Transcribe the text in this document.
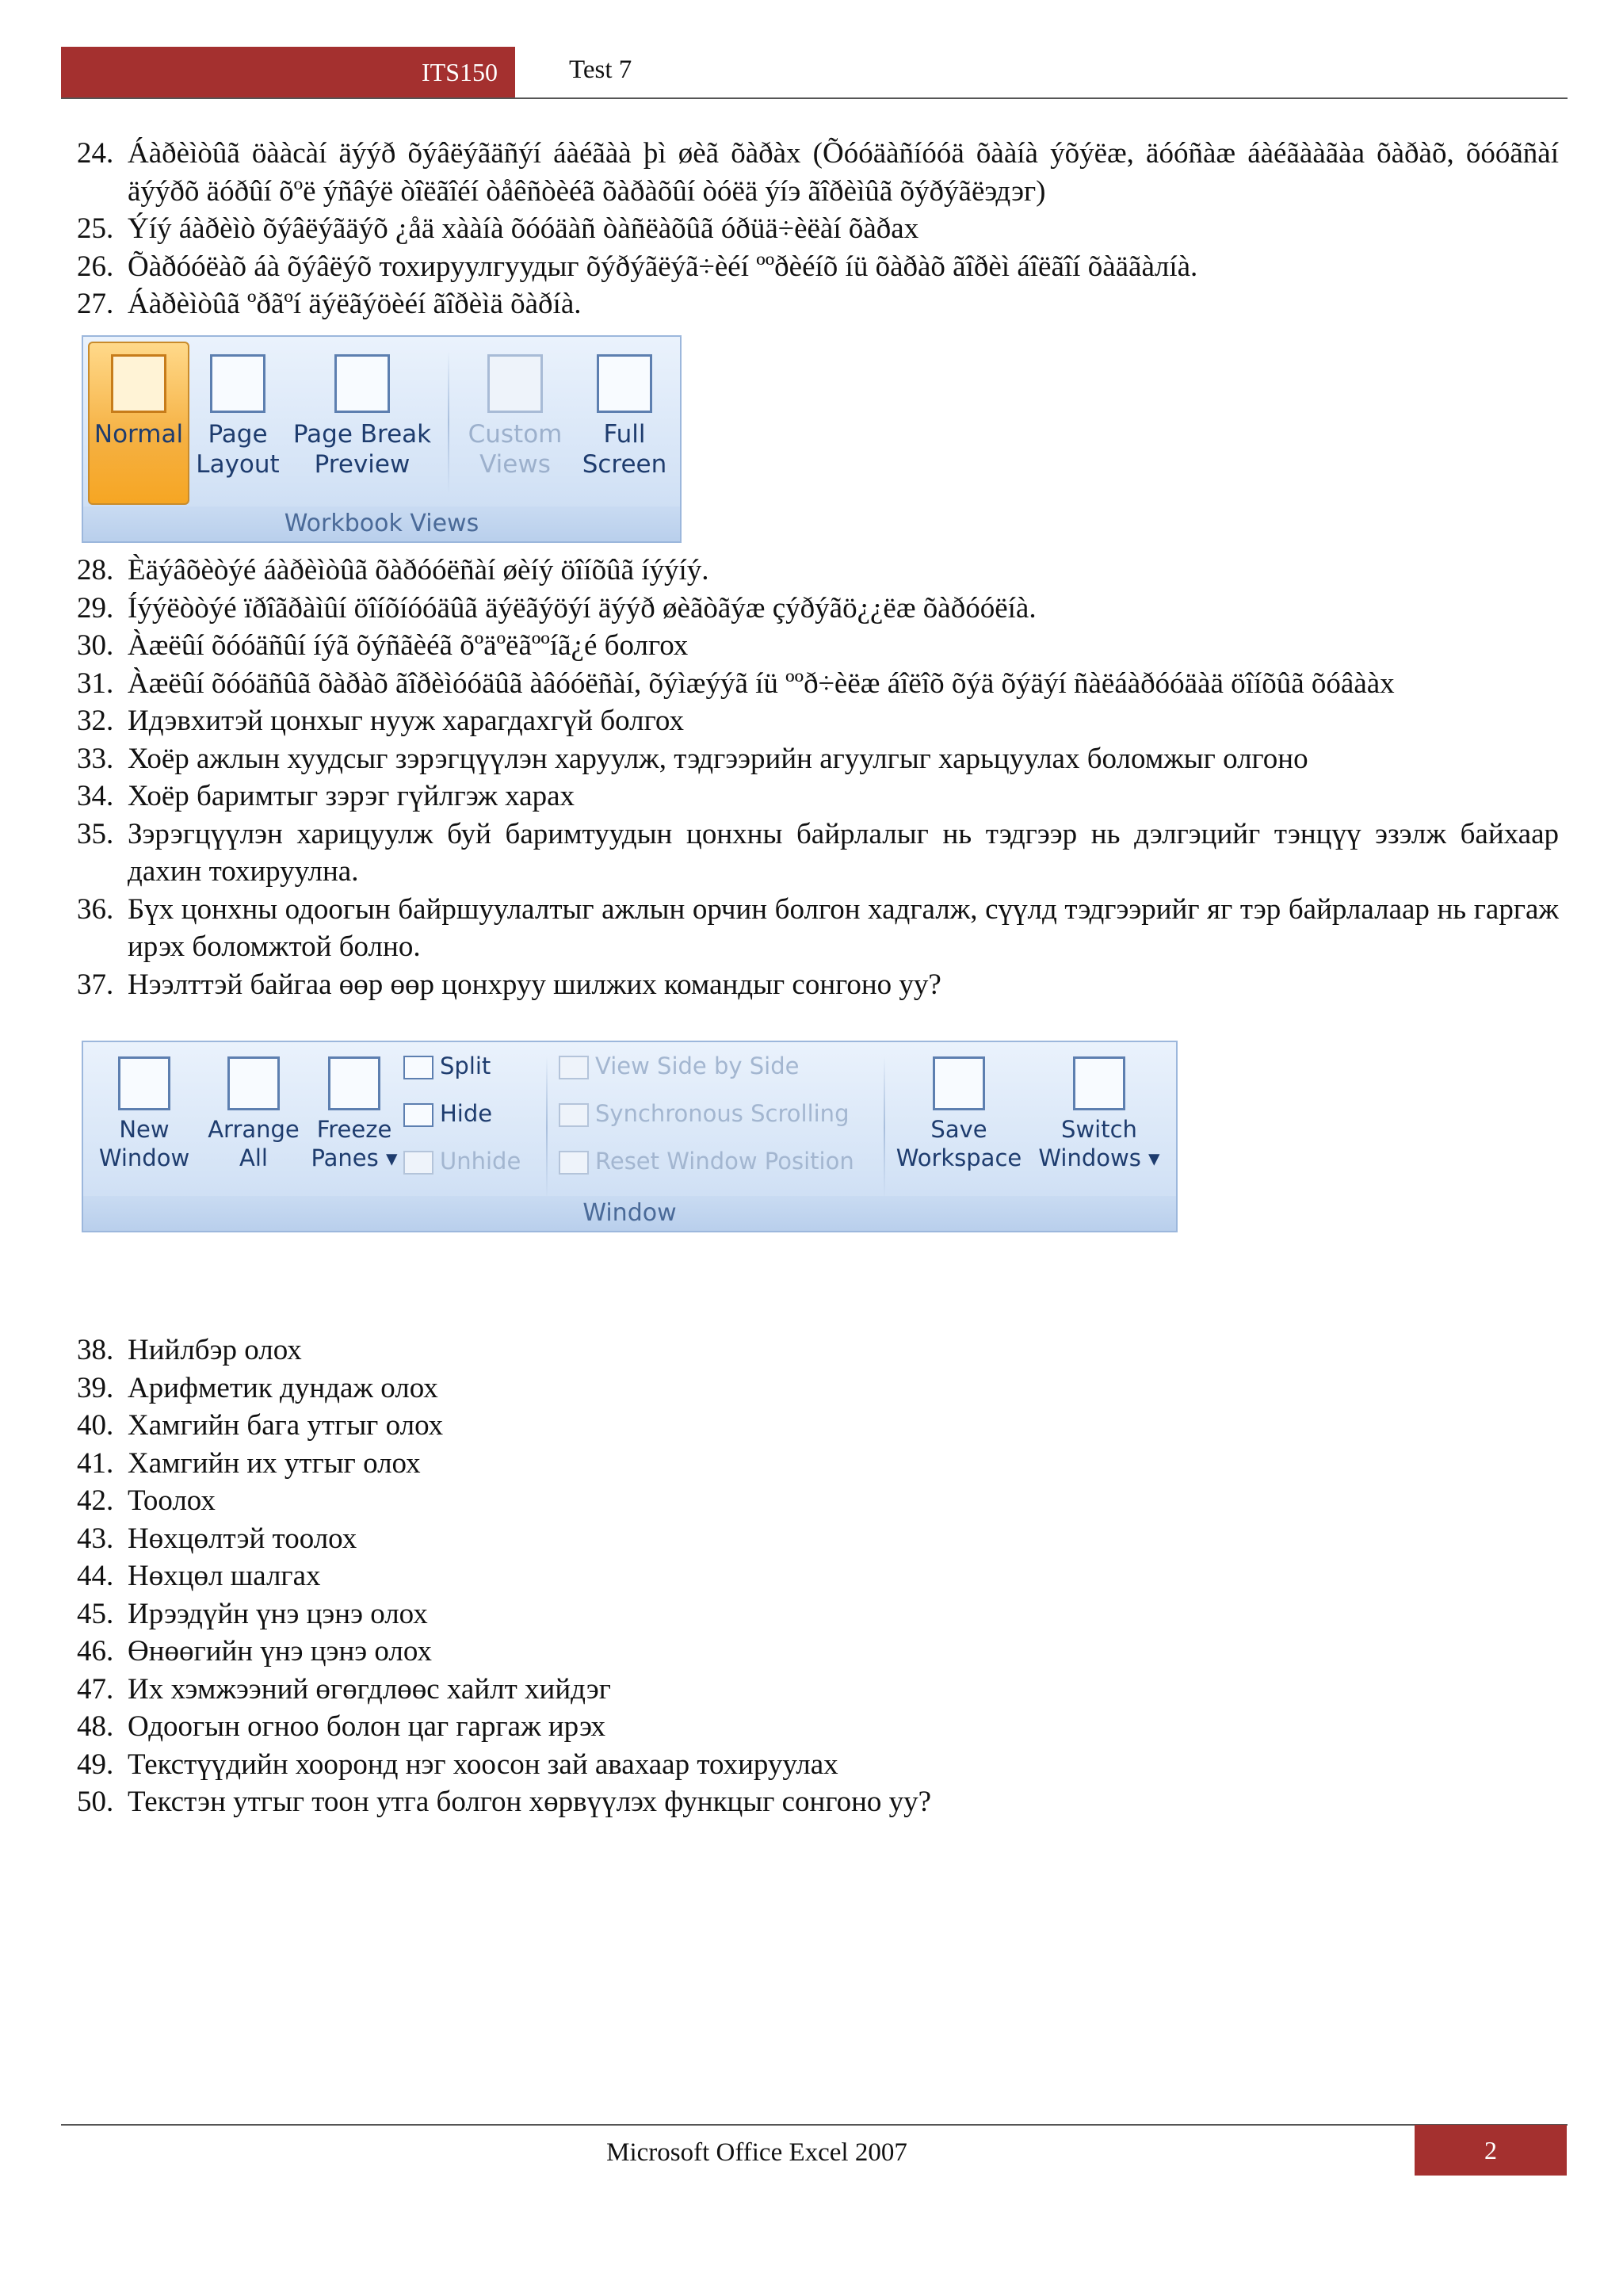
ITS150	Test 7
24. Áàðèìòûã öààcàí äýýð õýâëýãäñýí áàéãàà þì øèã õàðàx (Õóóäàñíóóä õààíà ýõýëæ, äóóñàæ áàéãààãàa õàðàõ, õóóãñàí äýýðõ äóðûí õºë ýñâýë òîëãîéí òåêñòèéã õàðàõûí òóëä ýíэ ãîðèìûã õýðýãëэдэг)
25. Ýíý áàðèìò õýâëýãäýõ ¿åä xààíà õóóäàñ òàñëàõûã óðüä÷èëàí õàðax
26. Õàðóóëàõ áà õýâëýõ тохируулгуудыг õýðýãëýã÷èéí ººðèéíõ íü õàðàõ ãîðèì áîëãîí õàäãàлíà.
27. Áàðèìòûã ºðãºí äýëãýöèéí ãîðèìä õàðíà.
Normal	Page
Layout
Page Break
Preview
Custom
Views
Full
Screen
Workbook Views
28. Èäýâõèòýé áàðèìòûã õàðóóëñàí øèíý öîíõûã íýýíý.
29. Íýýëòòýé ïðîãðàìûí öîíõíóóäûã äýëãýöýí äýýð øèãòãýæ çýðýãö¿¿ëæ õàðóóëíà.
30. Àæëûí õóóäñûí íýã õýñãèéã õºäºëãººíã¿é болгох
31. Àæëûí õóóäñûã õàðàõ ãîðèìóóäûã àâóóëñàí, õýìæýýã íü ººð÷èëæ áîëîõ õýä õýäýí ñàëáàðóóäàä öîíõûã õóâààx
32. Идэвхитэй цонхыг нууж харагдахгүй болгох
33. Хоёр ажлын хуудсыг зэрэгцүүлэн харуулж, тэдгээрийн агуулгыг харьцуулах боломжыг олгоно
34. Хоёр баримтыг зэрэг гүйлгэж харах
35. Зэрэгцүүлэн харицуулж буй баримтуудын цонхны байрлалыг нь тэдгээр нь дэлгэцийг тэнцүү эзэлж байхаар дахин тохируулна.
36. Бүх цонхны одоогын байршуулалтыг ажлын орчин болгон хадгалж, сүүлд тэдгээрийг яг тэр байрлалаар нь гаргаж ирэх боломжтой болно.
37. Нээлттэй байгаа өөр өөр цонхруу шилжих командыг сонгоно уу?
New
Window
Arrange
All
Freeze
Panes ▾
Split
Hide
Unhide
View Side by Side
Synchronous Scrolling
Reset Window Position
Save
Workspace
Switch
Windows ▾
Window
38. Нийлбэр олох
39. Арифметик дундаж олох
40. Хамгийн бага утгыг олох
41. Хамгийн их утгыг олох
42. Тоолох
43. Нөхцөлтэй тоолох
44. Нөхцөл шалгах
45. Ирээдүйн үнэ цэнэ олох
46. Өнөөгийн үнэ цэнэ олох
47. Их хэмжээний өгөгдлөөс хайлт хийдэг
48. Одоогын огноо болон цаг гаргаж ирэх
49. Текстүүдийн хооронд нэг хоосон зай авахаар тохируулах
50. Текстэн утгыг тоон утга болгон хөрвүүлэх функцыг сонгоно уу?
Microsoft Office Excel 2007	2
